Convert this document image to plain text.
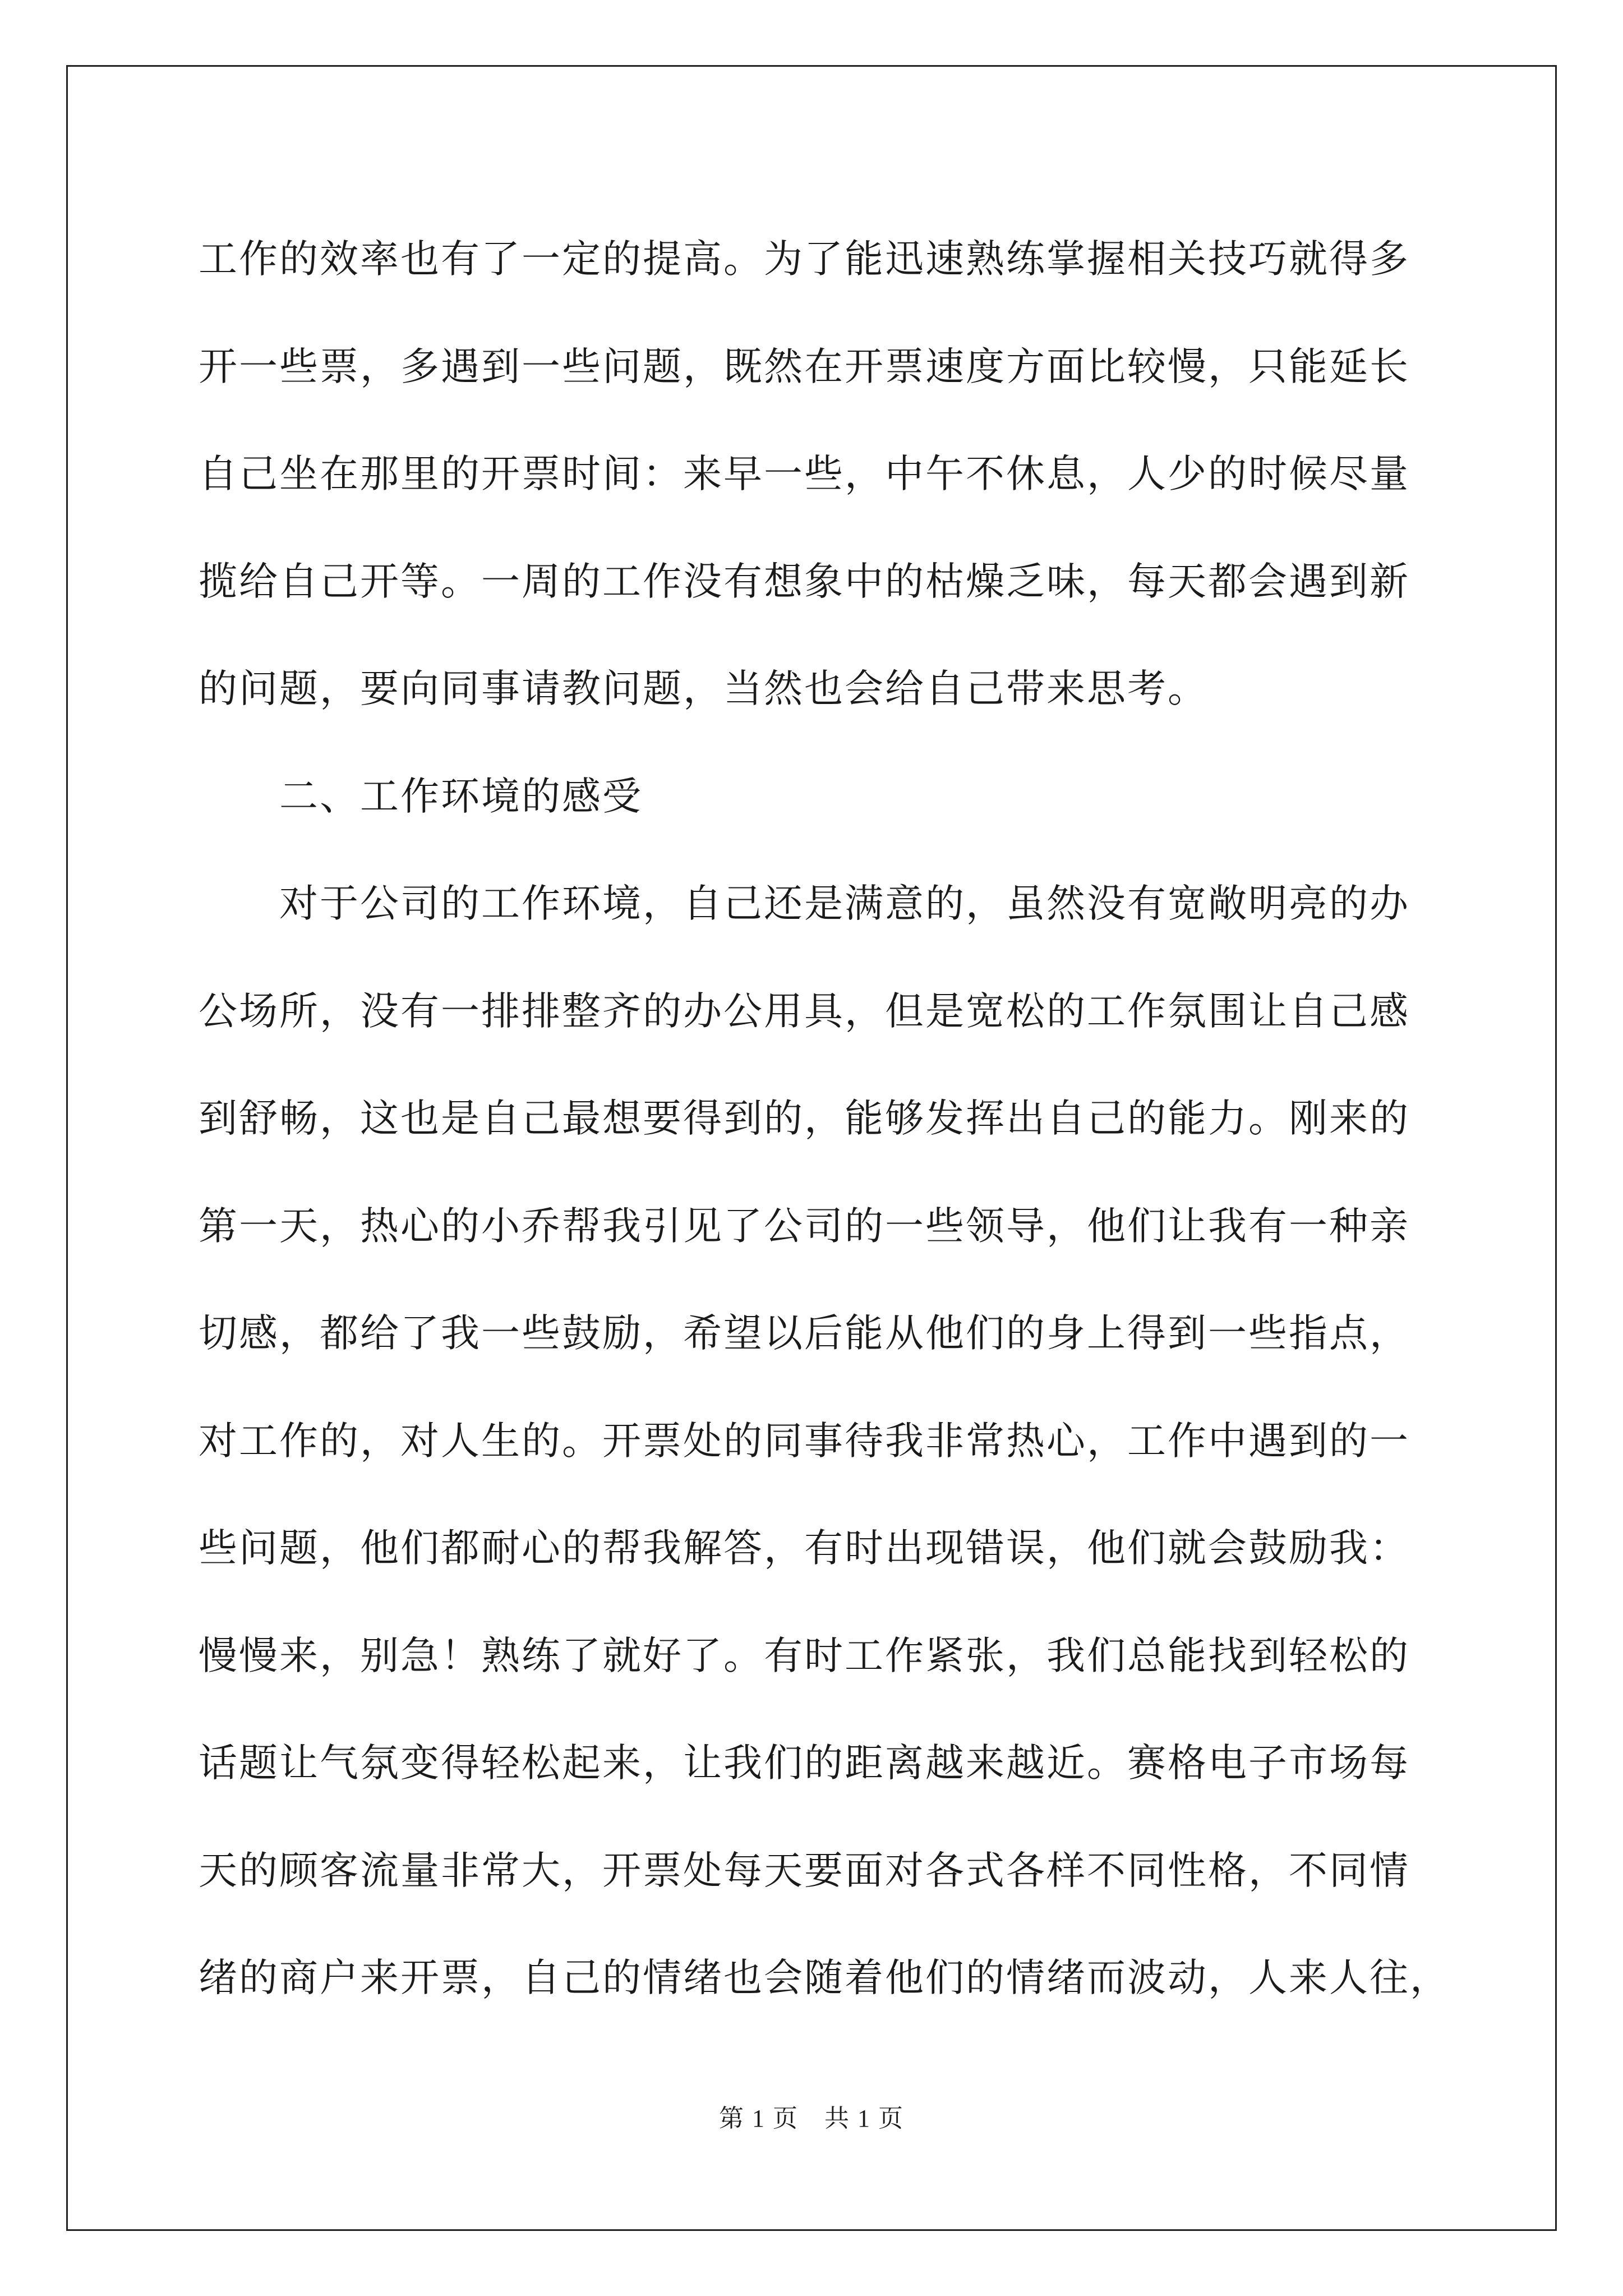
工作的效率也有了一定的提高。为了能迅速熟练掌握相关技巧就得多
开一些票，多遇到一些问题，既然在开票速度方面比较慢，只能延长
自己坐在那里的开票时间：来早一些，中午不休息，人少的时候尽量
揽给自己开等。一周的工作没有想象中的枯燥乏味，每天都会遇到新
的问题，要向同事请教问题，当然也会给自己带来思考。
二、工作环境的感受
对于公司的工作环境，自己还是满意的，虽然没有宽敞明亮的办
公场所，没有一排排整齐的办公用具，但是宽松的工作氛围让自己感
到舒畅，这也是自己最想要得到的，能够发挥出自己的能力。刚来的
第一天，热心的小乔帮我引见了公司的一些领导，他们让我有一种亲
切感，都给了我一些鼓励，希望以后能从他们的身上得到一些指点，
对工作的，对人生的。开票处的同事待我非常热心，工作中遇到的一
些问题，他们都耐心的帮我解答，有时出现错误，他们就会鼓励我：
慢慢来，别急！熟练了就好了。有时工作紧张，我们总能找到轻松的
话题让气氛变得轻松起来，让我们的距离越来越近。赛格电子市场每
天的顾客流量非常大，开票处每天要面对各式各样不同性格，不同情
绪的商户来开票，自己的情绪也会随着他们的情绪而波动，人来人往，
第 1 页　共 1 页
